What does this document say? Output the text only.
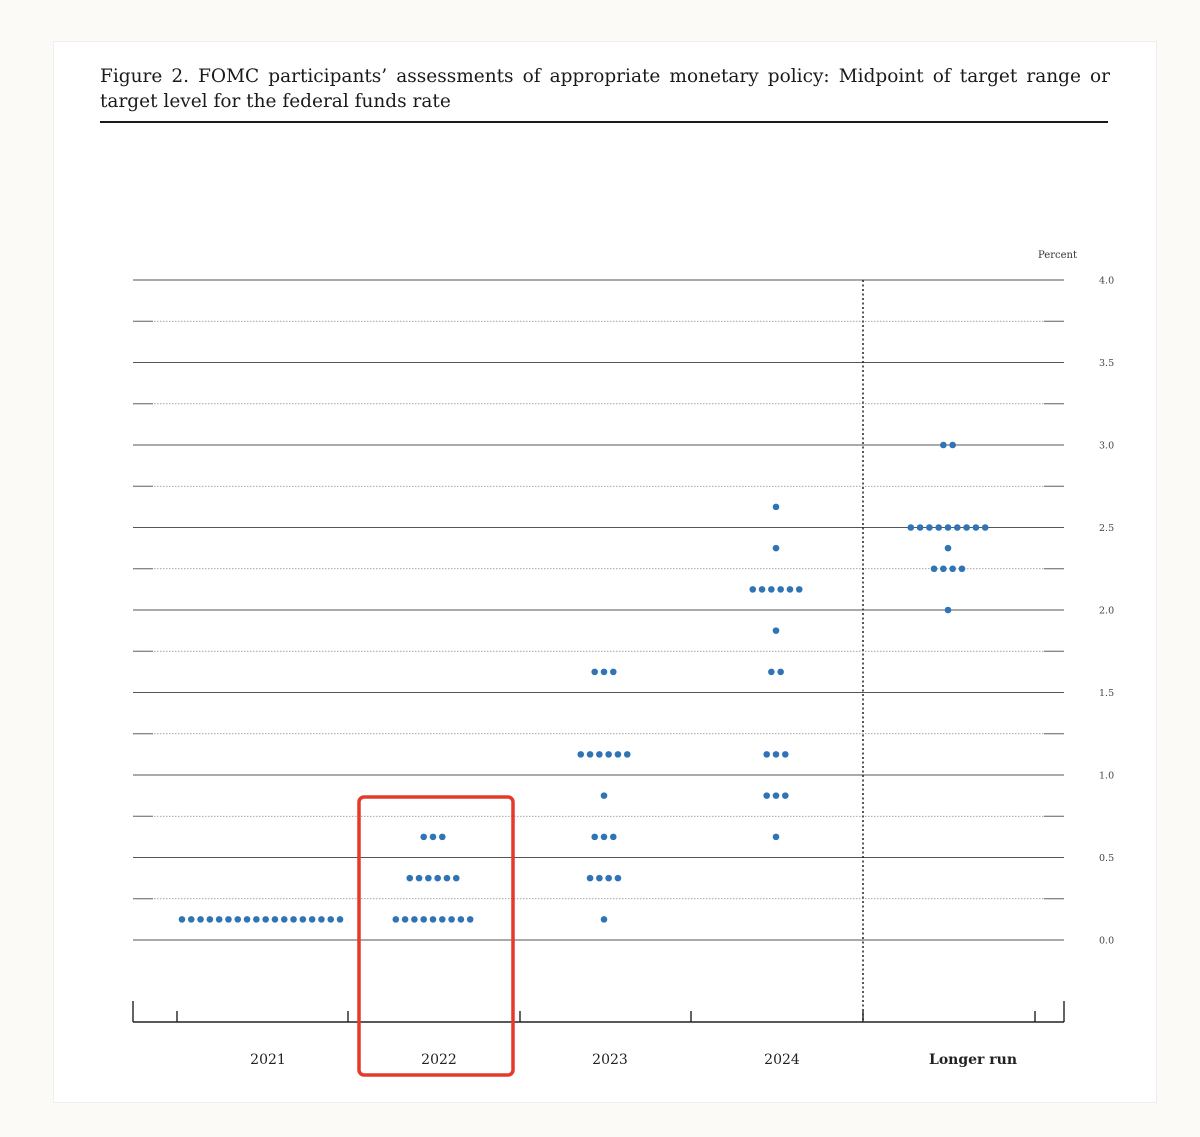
Figure 2. FOMC participants’ assessments of appropriate monetary policy: Midpoint of target range or target level for the federal funds rate

0.0
0.5
1.0
1.5
2.0
2.5
3.0
3.5
4.0
Percent
2021	2022	2023	2024	Longer run
